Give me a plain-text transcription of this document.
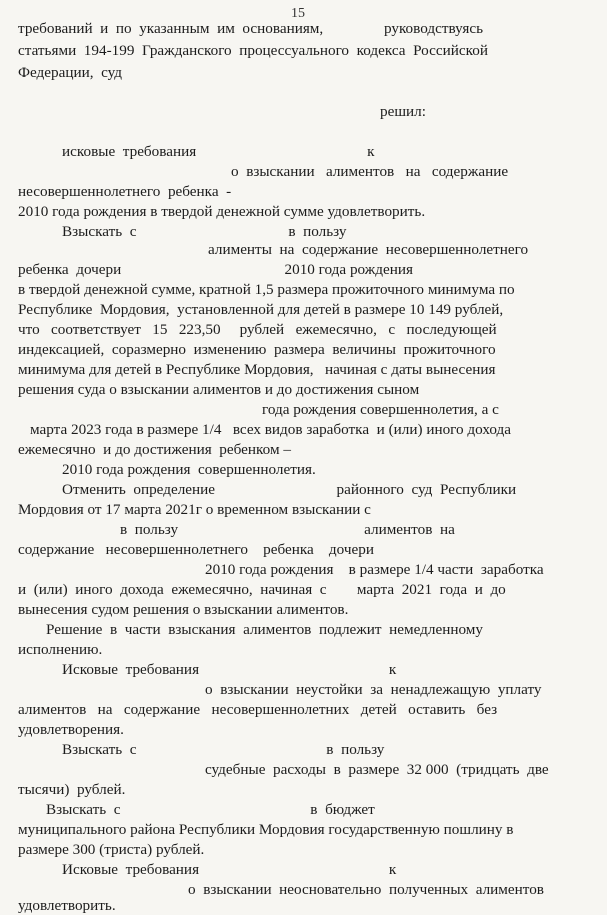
15
требований  и  по  указанным  им  основаниям,                руководствуясь
статьями  194-199  Гражданского  процессуального  кодекса  Российской
Федерации,  суд
решил:
исковые  требования                                             к
о  взыскании   алиментов   на   содержание
несовершеннолетнего  ребенка  -
2010 года рождения в твердой денежной сумме удовлетворить.
Взыскать  с                                        в  пользу
алименты  на  содержание  несовершеннолетнего
ребенка  дочери                                           2010 года рождения
в твердой денежной сумме, кратной 1,5 размера прожиточного минимума по
Республике  Мордовия,  установленной для детей в размере 10 149 рублей,
что   соответствует   15   223,50     рублей   ежемесячно,   с   последующей
индексацией,  соразмерно  изменению  размера  величины  прожиточного
минимума для детей в Республике Мордовия,   начиная с даты вынесения
решения суда о взыскании алиментов и до достижения сыном
года рождения совершеннолетия, а с
марта 2023 года в размере 1/4   всех видов заработка  и (или) иного дохода
ежемесячно  и до достижения  ребенком –
2010 года рождения  совершеннолетия.
Отменить  определение                                районного  суд  Республики
Мордовия от 17 марта 2021г о временном взыскании с
в  пользу                                                 алиментов  на
содержание   несовершеннолетнего    ребенка    дочери
2010 года рождения    в размере 1/4 части  заработка
и  (или)  иного  дохода  ежемесячно,  начиная  с        марта  2021  года  и  до
вынесения судом решения о взыскании алиментов.
Решение  в  части  взыскания  алиментов  подлежит  немедленному
исполнению.
Исковые  требования                                                  к
о  взыскании  неустойки  за  ненадлежащую  уплату
алиментов   на   содержание   несовершеннолетних   детей   оставить   без
удовлетворения.
Взыскать  с                                                  в  пользу
судебные  расходы  в  размере  32 000  (тридцать  две
тысячи)  рублей.
Взыскать  с                                                  в  бюджет
муниципального района Республики Мордовия государственную пошлину в
размере 300 (триста) рублей.
Исковые  требования                                                  к
о  взыскании  неосновательно  полученных  алиментов
удовлетворить.
